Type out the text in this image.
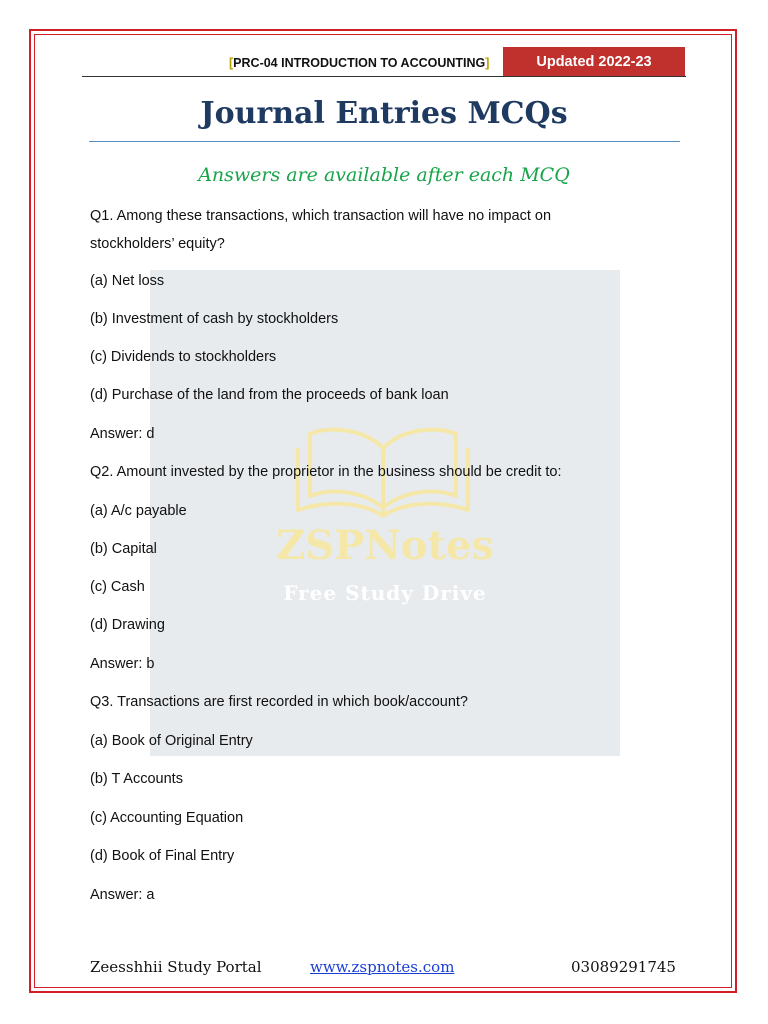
[PRC-04 INTRODUCTION TO ACCOUNTING]	Updated 2022-23
Journal Entries MCQs
Answers are available after each MCQ
ZSPNotes
Free Study Drive
Q1. Among these transactions, which transaction will have no impact on
stockholders’ equity?
(a) Net loss
(b) Investment of cash by stockholders
(c) Dividends to stockholders
(d) Purchase of the land from the proceeds of bank loan
Answer: d
Q2. Amount invested by the proprietor in the business should be credit to:
(a) A/c payable
(b) Capital
(c) Cash
(d) Drawing
Answer: b
Q3. Transactions are first recorded in which book/account?
(a) Book of Original Entry
(b) T Accounts
(c) Accounting Equation
(d) Book of Final Entry
Answer: a
Zeesshhii Study Portal	www.zspnotes.com	03089291745
